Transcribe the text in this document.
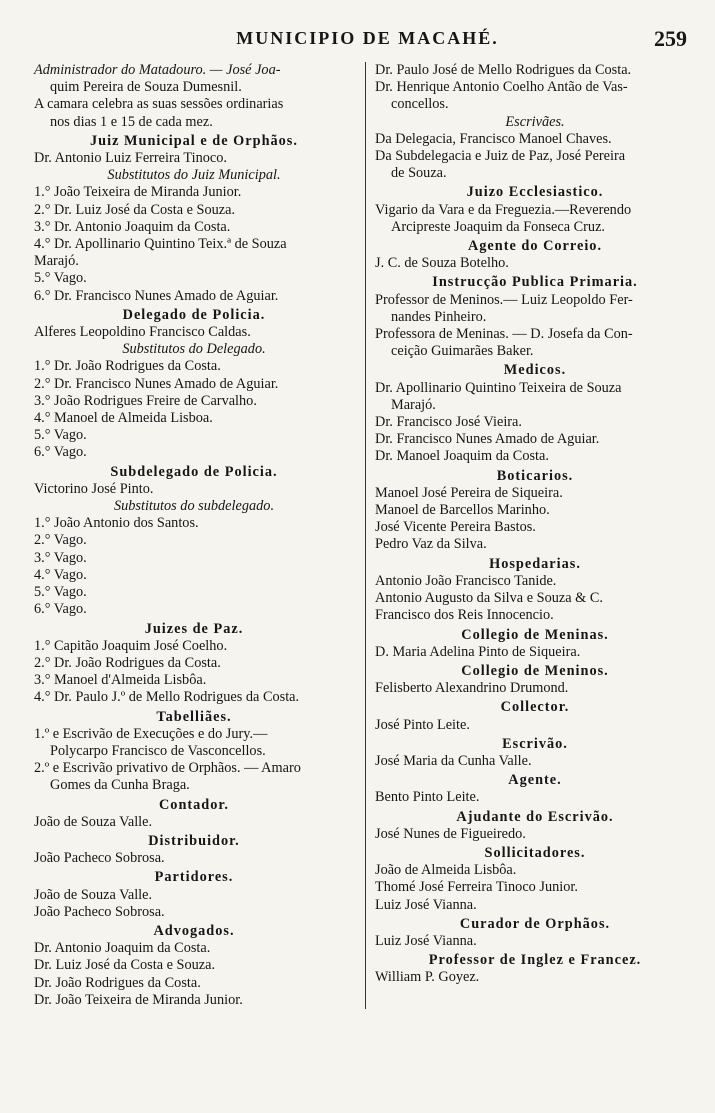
MUNICIPIO DE MACAHÉ.	259
Administrador do Matadouro. — José Joa-
quim Pereira de Souza Dumesnil.
A camara celebra as suas sessões ordinarias
nos dias 1 e 15 de cada mez.
Juiz Municipal e de Orphãos.
Dr. Antonio Luiz Ferreira Tinoco.
Substitutos do Juiz Municipal.
1.° João Teixeira de Miranda Junior.
2.° Dr. Luiz José da Costa e Souza.
3.° Dr. Antonio Joaquim da Costa.
4.° Dr. Apollinario Quintino Teix.ª de Souza
Marajó.
5.° Vago.
6.° Dr. Francisco Nunes Amado de Aguiar.
Delegado de Policia.
Alferes Leopoldino Francisco Caldas.
Substitutos do Delegado.
1.° Dr. João Rodrigues da Costa.
2.° Dr. Francisco Nunes Amado de Aguiar.
3.° João Rodrigues Freire de Carvalho.
4.° Manoel de Almeida Lisboa.
5.° Vago.
6.° Vago.
Subdelegado de Policia.
Victorino José Pinto.
Substitutos do subdelegado.
1.° João Antonio dos Santos.
2.° Vago.
3.° Vago.
4.° Vago.
5.° Vago.
6.° Vago.
Juizes de Paz.
1.° Capitão Joaquim José Coelho.
2.° Dr. João Rodrigues da Costa.
3.° Manoel d'Almeida Lisbôa.
4.° Dr. Paulo J.º de Mello Rodrigues da Costa.
Tabelliães.
1.º e Escrivão de Execuções e do Jury.—
Polycarpo Francisco de Vasconcellos.
2.º e Escrivão privativo de Orphãos. — Amaro
Gomes da Cunha Braga.
Contador.
João de Souza Valle.
Distribuidor.
João Pacheco Sobrosa.
Partidores.
João de Souza Valle.
João Pacheco Sobrosa.
Advogados.
Dr. Antonio Joaquim da Costa.
Dr. Luiz José da Costa e Souza.
Dr. João Rodrigues da Costa.
Dr. João Teixeira de Miranda Junior.
Dr. Paulo José de Mello Rodrigues da Costa.
Dr. Henrique Antonio Coelho Antão de Vas-
concellos.
Escrivães.
Da Delegacia, Francisco Manoel Chaves.
Da Subdelegacia e Juiz de Paz, José Pereira
de Souza.
Juizo Ecclesiastico.
Vigario da Vara e da Freguezia.—Reverendo
Arcipreste Joaquim da Fonseca Cruz.
Agente do Correio.
J. C. de Souza Botelho.
Instrucção Publica Primaria.
Professor de Meninos.— Luiz Leopoldo Fer-
nandes Pinheiro.
Professora de Meninas. — D. Josefa da Con-
ceição Guimarães Baker.
Medicos.
Dr. Apollinario Quintino Teixeira de Souza
Marajó.
Dr. Francisco José Vieira.
Dr. Francisco Nunes Amado de Aguiar.
Dr. Manoel Joaquim da Costa.
Boticarios.
Manoel José Pereira de Siqueira.
Manoel de Barcellos Marinho.
José Vicente Pereira Bastos.
Pedro Vaz da Silva.
Hospedarias.
Antonio João Francisco Tanide.
Antonio Augusto da Silva e Souza & C.
Francisco dos Reis Innocencio.
Collegio de Meninas.
D. Maria Adelina Pinto de Siqueira.
Collegio de Meninos.
Felisberto Alexandrino Drumond.
Collector.
José Pinto Leite.
Escrivão.
José Maria da Cunha Valle.
Agente.
Bento Pinto Leite.
Ajudante do Escrivão.
José Nunes de Figueiredo.
Sollicitadores.
João de Almeida Lisbôa.
Thomé José Ferreira Tinoco Junior.
Luiz José Vianna.
Curador de Orphãos.
Luiz José Vianna.
Professor de Inglez e Francez.
William P. Goyez.
